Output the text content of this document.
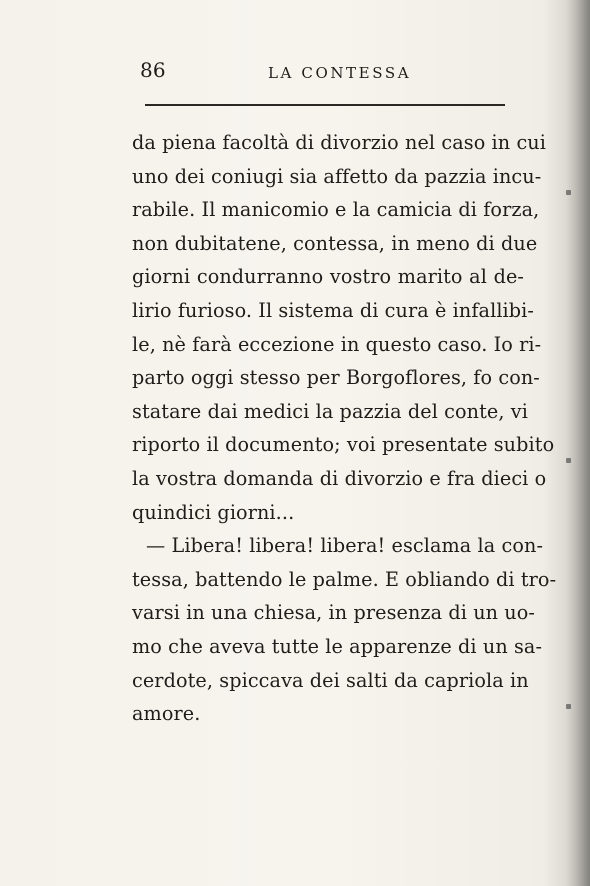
86	LA CONTESSA
da piena facoltà di divorzio nel caso in cui
uno dei coniugi sia affetto da pazzia incu-
rabile. Il manicomio e la camicia di forza,
non dubitatene, contessa, in meno di due
giorni condurranno vostro marito al de-
lirio furioso. Il sistema di cura è infallibi-
le, nè farà eccezione in questo caso. Io ri-
parto oggi stesso per Borgoflores, fo con-
statare dai medici la pazzia del conte, vi
riporto il documento; voi presentate subito
la vostra domanda di divorzio e fra dieci o
quindici giorni...
— Libera! libera! libera! esclama la con-
tessa, battendo le palme. E obliando di tro-
varsi in una chiesa, in presenza di un uo-
mo che aveva tutte le apparenze di un sa-
cerdote, spiccava dei salti da capriola in
amore.
